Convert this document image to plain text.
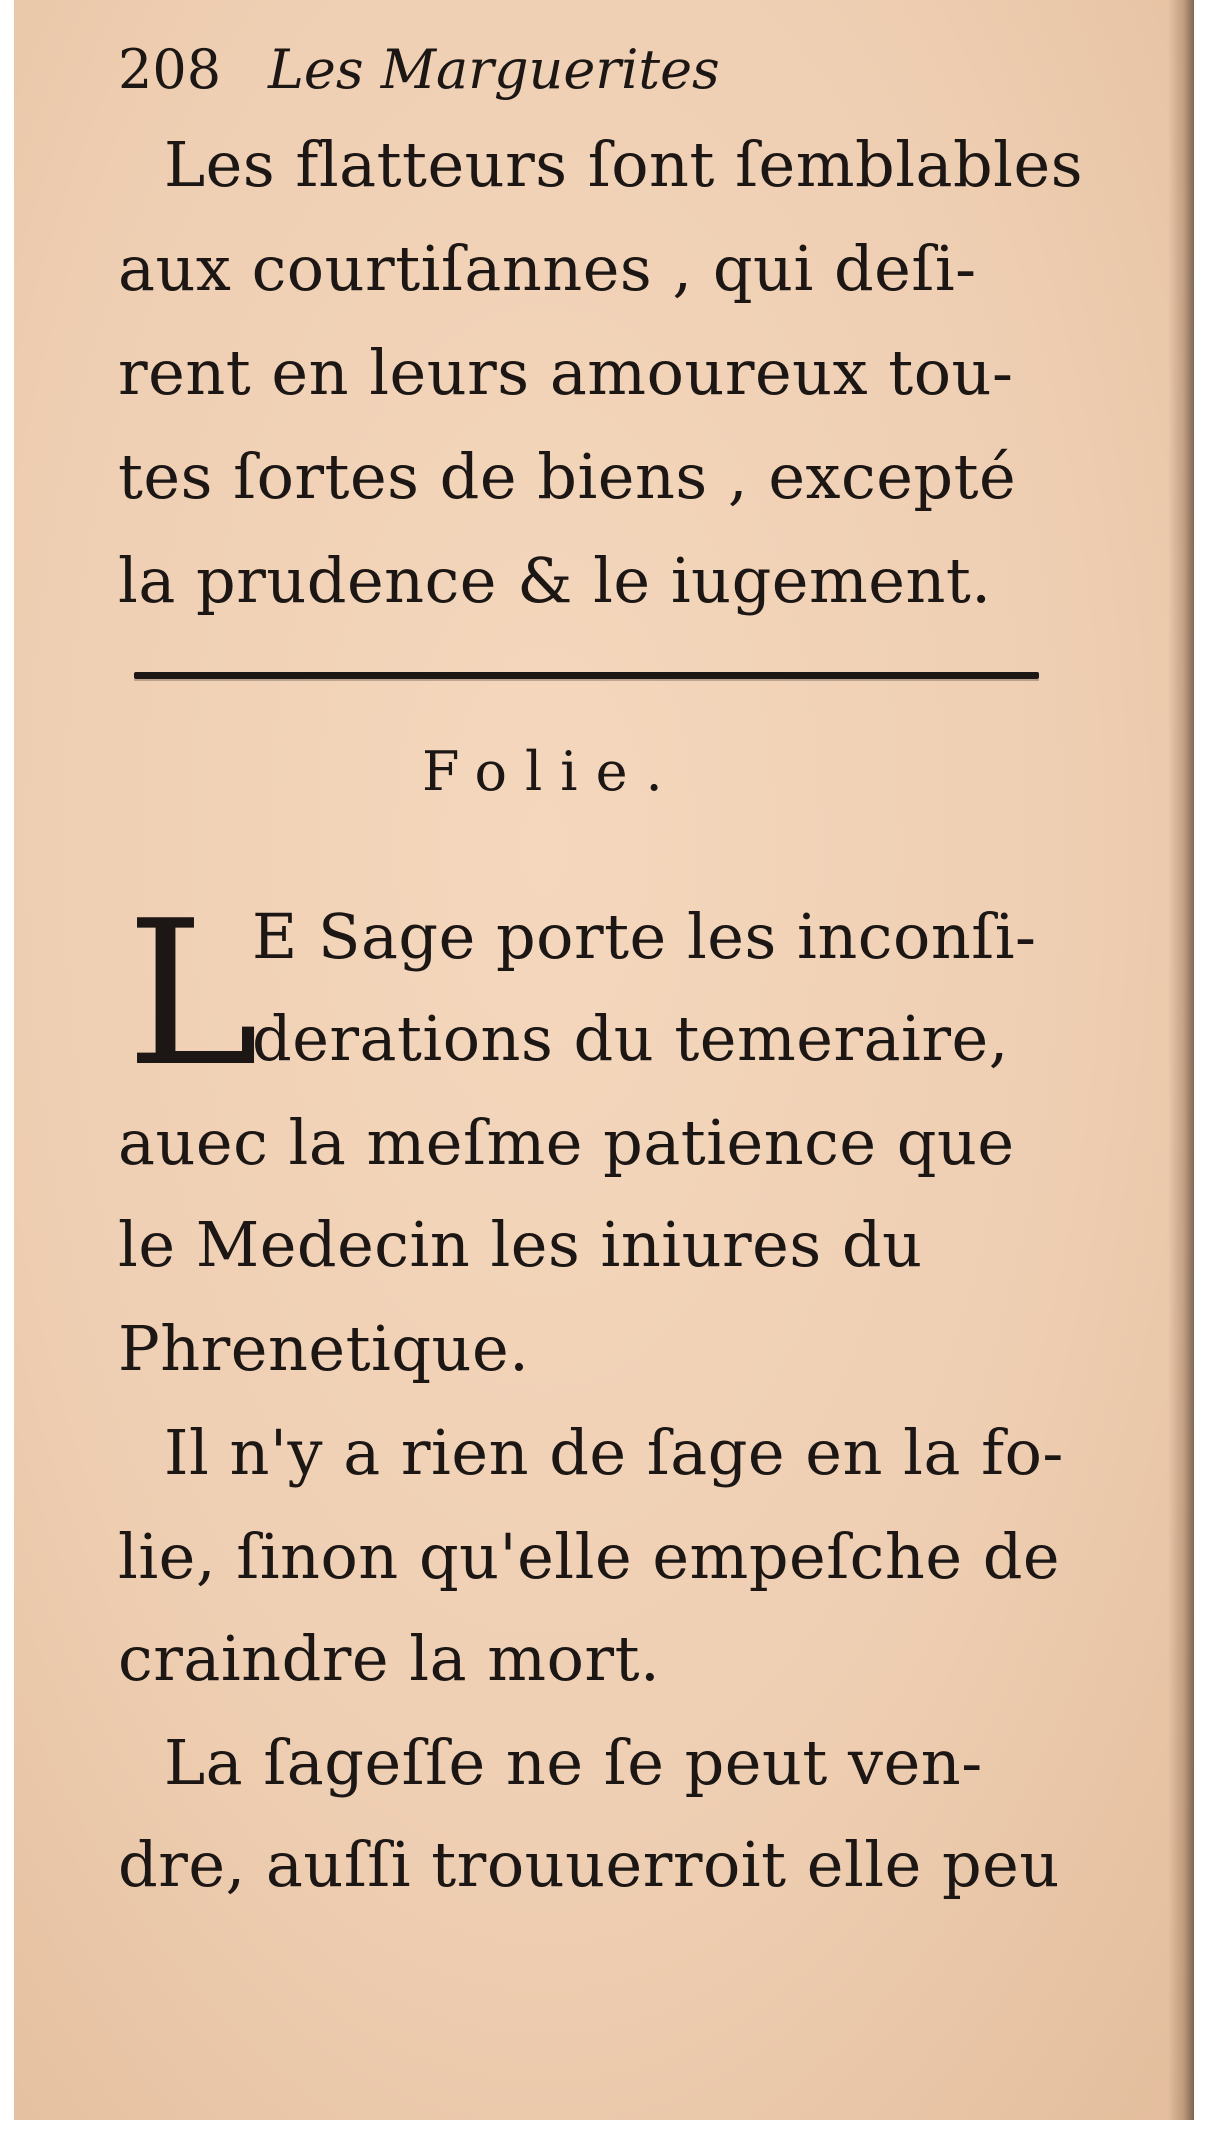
208 Les Marguerites

Les flatteurs ſont ſemblables

aux courtiſannes , qui deſi-

rent en leurs amoureux tou-

tes ſortes de biens , excepté

la prudence & le iugement.

Folie.

L

E Sage porte les inconſi-

derations du temeraire,

auec la meſme patience que

le Medecin les iniures du

Phrenetique.

Il n'y a rien de ſage en la fo-

lie, ſinon qu'elle empeſche de

craindre la mort.

La ſageſſe ne ſe peut ven-

dre, auſſi trouuerroit elle peu
